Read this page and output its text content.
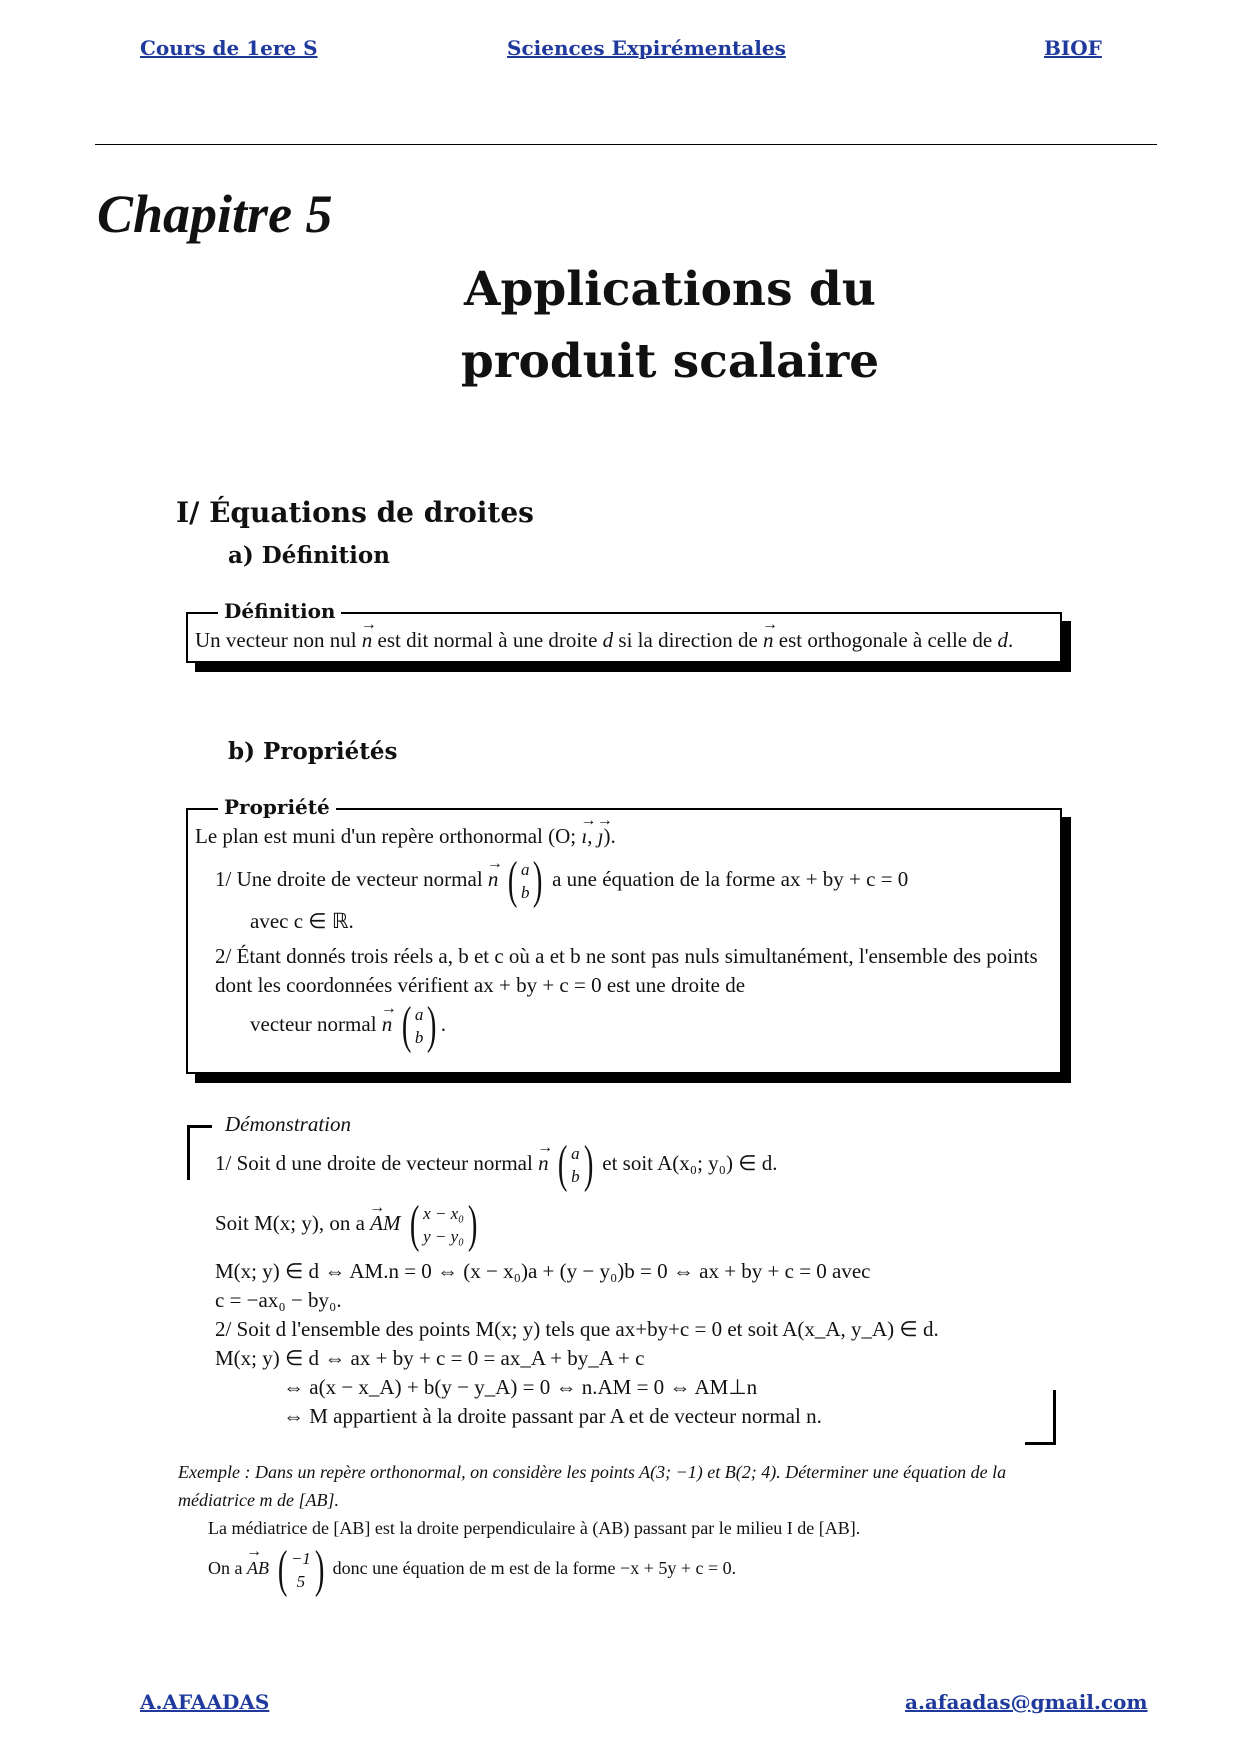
Cours de 1ere S	Sciences Expirémentales	BIOF
Chapitre 5
Applications du
produit scalaire
I/ Équations de droites
a) Définition
Définition
Un vecteur non nul → n est dit normal à une droite d si la direction de → n est orthogonale à celle de d.
b) Propriétés
Propriété
Le plan est muni d'un repère orthonormal (O; → ı, → ȷ).
1/ Une droite de vecteur normal → n ( a
b ) a une équation de la forme ax + by + c = 0
avec c ∈ ℝ.
2/ Étant donnés trois réels a, b et c où a et b ne sont pas nuls simultanément, l'ensemble des points dont les coordonnées vérifient ax + by + c = 0 est une droite de
vecteur normal → n ( a
b ) .
Démonstration
1/ Soit d une droite de vecteur normal → n ( a
b ) et soit A(x₀; y₀) ∈ d.
Soit M(x; y), on a → AM ( x − x₀
y − y₀ )
M(x; y) ∈ d ⇔ AM.n = 0 ⇔ (x − x₀)a + (y − y₀)b = 0 ⇔ ax + by + c = 0 avec
c = −ax₀ − by₀.
2/ Soit d l'ensemble des points M(x; y) tels que ax+by+c = 0 et soit A(x_A, y_A) ∈ d.
M(x; y) ∈ d ⇔ ax + by + c = 0 = ax_A + by_A + c
⇔ a(x − x_A) + b(y − y_A) = 0 ⇔ n.AM = 0 ⇔ AM⊥n
⇔ M appartient à la droite passant par A et de vecteur normal n.
Exemple : Dans un repère orthonormal, on considère les points A(3; −1) et B(2; 4). Déterminer une équation de la médiatrice m de [AB].
La médiatrice de [AB] est la droite perpendiculaire à (AB) passant par le milieu I de [AB].
On a → AB ( −1
5 ) donc une équation de m est de la forme −x + 5y + c = 0.
A.AFAADAS	a.afaadas@gmail.com
